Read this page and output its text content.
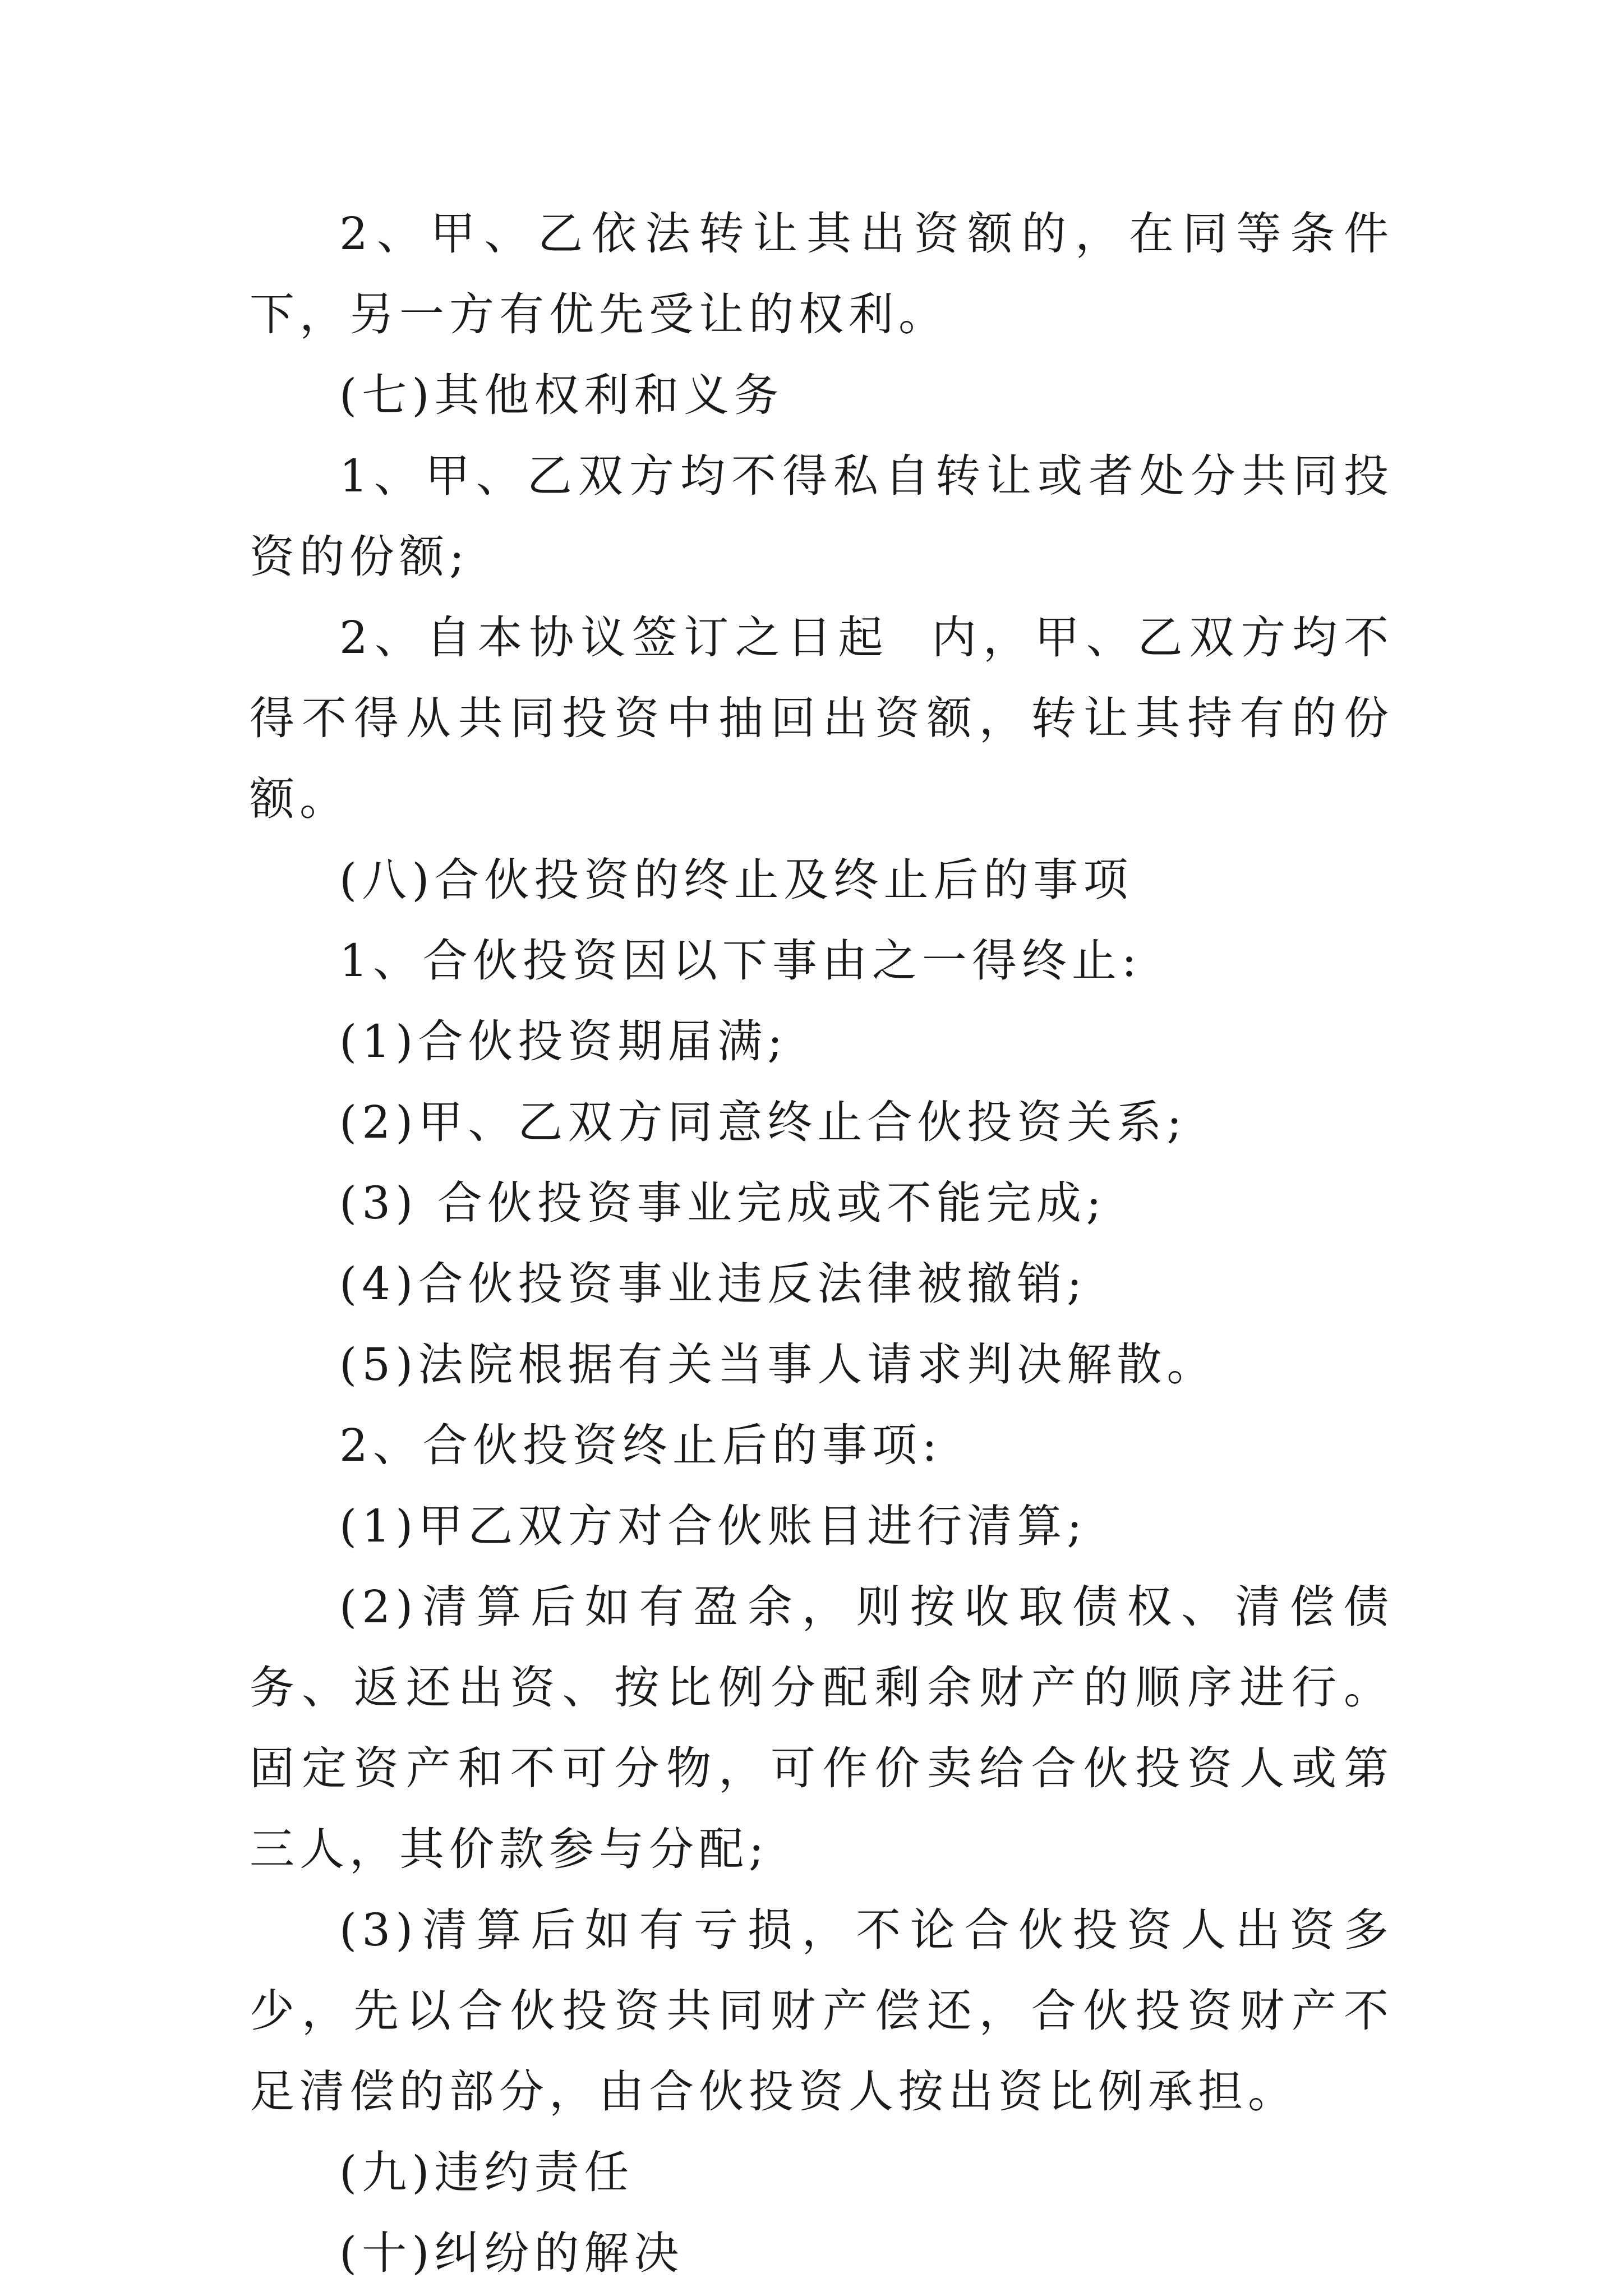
2、甲、乙依法转让其出资额的，在同等条件下，另一方有优先受让的权利。

(七)其他权利和义务

1、甲、乙双方均不得私自转让或者处分共同投资的份额;

2、自本协议签订之日起  内，甲、乙双方均不得不得从共同投资中抽回出资额，转让其持有的份额。

(八)合伙投资的终止及终止后的事项

1、合伙投资因以下事由之一得终止:

(1)合伙投资期届满;

(2)甲、乙双方同意终止合伙投资关系;

(3) 合伙投资事业完成或不能完成;

(4)合伙投资事业违反法律被撤销;

(5)法院根据有关当事人请求判决解散。

2、合伙投资终止后的事项:

(1)甲乙双方对合伙账目进行清算;

(2)清算后如有盈余，则按收取债权、清偿债务、返还出资、按比例分配剩余财产的顺序进行。固定资产和不可分物，可作价卖给合伙投资人或第三人，其价款参与分配;

(3)清算后如有亏损，不论合伙投资人出资多少，先以合伙投资共同财产偿还，合伙投资财产不足清偿的部分，由合伙投资人按出资比例承担。

(九)违约责任

(十)纠纷的解决
